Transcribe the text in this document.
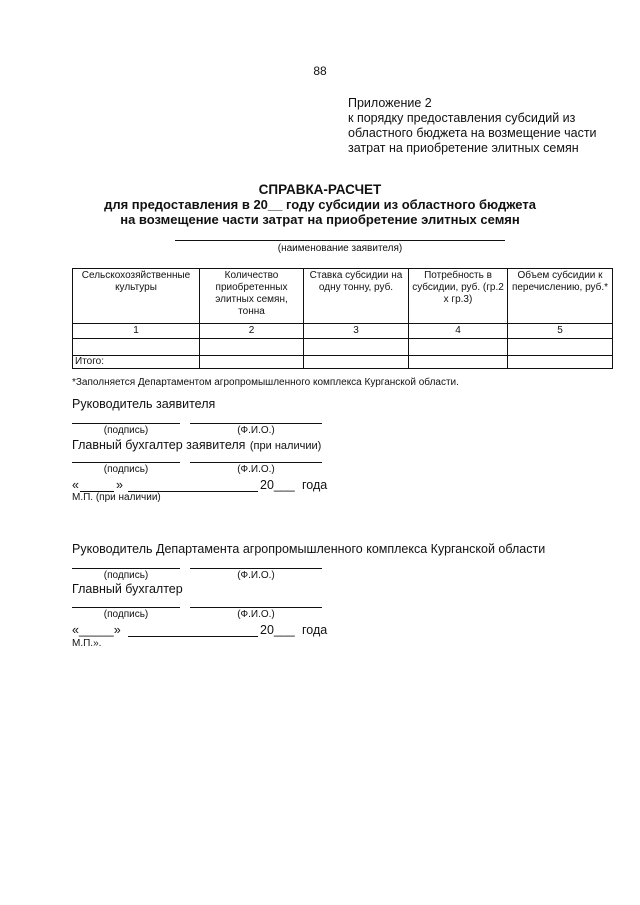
88
Приложение 2
к порядку предоставления субсидий из
областного бюджета на возмещение части
затрат на приобретение элитных семян
СПРАВКА-РАСЧЕТ
для предоставления в 20__ году субсидии из областного бюджета
на возмещение части затрат на приобретение элитных семян
(наименование заявителя)
Сельскохозяйственные культуры	Количество приобретенных элитных семян, тонна	Ставка субсидии на одну тонну, руб.	Потребность в субсидии, руб. (гр.2 х гр.3)	Объем субсидии к перечислению, руб.*
1	2	3	4	5

Итого:				
*Заполняется Департаментом агропромышленного комплекса Курганской области.
Руководитель заявителя
(подпись)	(Ф.И.О.)
Главный бухгалтер заявителя (при наличии)
(подпись)	(Ф.И.О.)
«	»	20___ года
М.П. (при наличии)
Руководитель Департамента агропромышленного комплекса Курганской области
(подпись)	(Ф.И.О.)
Главный бухгалтер
(подпись)	(Ф.И.О.)
«_____»	20___ года
М.П.».
